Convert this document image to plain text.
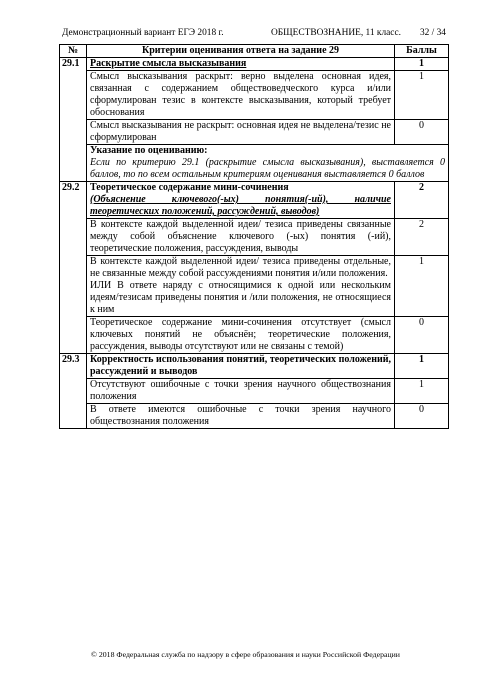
Демонстрационный вариант ЕГЭ 2018 г.	ОБЩЕСТВОЗНАНИЕ, 11 класс. 32 / 34
№	Критерии оценивания ответа на задание 29	Баллы
29.1	Раскрытие смысла высказывания	1
	Смысл высказывания раскрыт: верно выделена основная идея, связанная с содержанием обществоведческого курса и/или сформулирован тезис в контексте высказывания, который требует обоснования	1
	Смысл высказывания не раскрыт: основная идея не выделена/тезис не сформулирован	0

	Указание по оцениванию:
Если по критерию 29.1 (раскрытие смысла высказывания), выставляется 0 баллов, то по всем остальным критериям оценивания выставляется 0 баллов	

29.2	Теоретическое содержание мини-сочинения
(Объяснение ключевого(-ых) понятия(-ий), наличие теоретических положений, рассуждений, выводов)	2
	В контексте каждой выделенной идеи/ тезиса приведены связанные между собой объяснение ключевого (-ых) понятия (-ий), теоретические положения, рассуждения, выводы	2

	В контексте каждой выделенной идеи/ тезиса приведены отдельные, не связанные между собой рассуждениями понятия и/или положения.
ИЛИ В ответе наряду с относящимися к одной или нескольким идеям/тезисам приведены понятия и /или положения, не относящиеся к ним	1
	Теоретическое содержание мини-сочинения отсутствует (смысл ключевых понятий не объяснён; теоретические положения, рассуждения, выводы отсутствуют или не связаны с темой)	0
29.3	Корректность использования понятий, теоретических положений, рассуждений и выводов	1
	Отсутствуют ошибочные с точки зрения научного обществознания положения	1
	В ответе имеются ошибочные с точки зрения научного обществознания положения	0
© 2018 Федеральная служба по надзору в сфере образования и науки Российской Федерации
